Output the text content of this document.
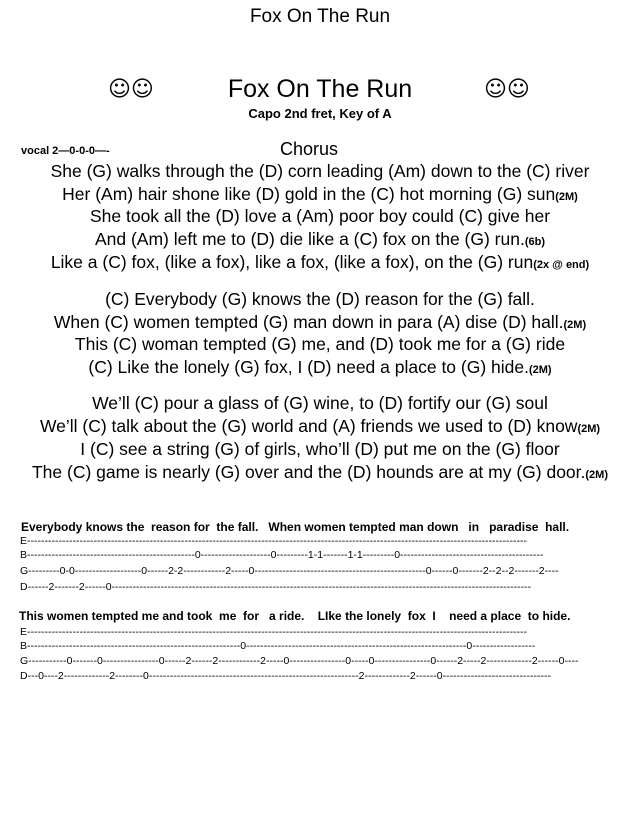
Fox On The Run
☺☺	Fox On The Run	☺☺
Capo 2nd fret, Key of A
vocal 2—0-0-0—-	Chorus
She (G) walks through the (D) corn leading (Am) down to the (C) river
Her (Am) hair shone like (D) gold in the (C) hot morning (G) sun(2M)
She took all the (D) love a (Am) poor boy could (C) give her
And (Am) left me to (D) die like a (C) fox on the (G) run.(6b)
Like a (C) fox, (like a fox), like a fox, (like a fox), on the (G) run(2x @ end)
(C) Everybody (G) knows the (D) reason for the (G) fall.
When (C) women tempted (G) man down in para (A) dise (D) hall.(2M)
This (C) woman tempted (G) me, and (D) took me for a (G) ride
(C) Like the lonely (G) fox, I (D) need a place to (G) hide.(2M)
We’ll (C) pour a glass of (G) wine, to (D) fortify our (G) soul
We’ll (C) talk about the (G) world and (A) friends we used to (D) know(2M)
I (C) see a string (G) of girls, who’ll (D) put me on the (G) floor
The (C) game is nearly (G) over and the (D) hounds are at my (G) door.(2M)
Everybody knows the  reason for  the fall.   When women tempted man down   in   paradise  hall.
E-----------------------------------------------------------------------------------------------------------------------------------------------
B------------------------------------------------0--------------------0---------1-1-------1-1---------0-----------------------------------------
G---------0-0-------------------0------2-2------------2-----0-------------------------------------------------0------0-------2--2--2-------2----
D------2-------2------0------------------------------------------------------------------------------------------------------------------------
This women tempted me and took  me  for   a ride.    LIke the lonely  fox  I    need a place  to hide.
E-----------------------------------------------------------------------------------------------------------------------------------------------
B-------------------------------------------------------------0---------------------------------------------------------------0------------------
G-----------0-------0----------------0------2------2------------2-----0----------------0-----0----------------0------2-----2-------------2------0----
D---0----2-------------2--------0------------------------------------------------------------2-------------2------0-------------------------------
